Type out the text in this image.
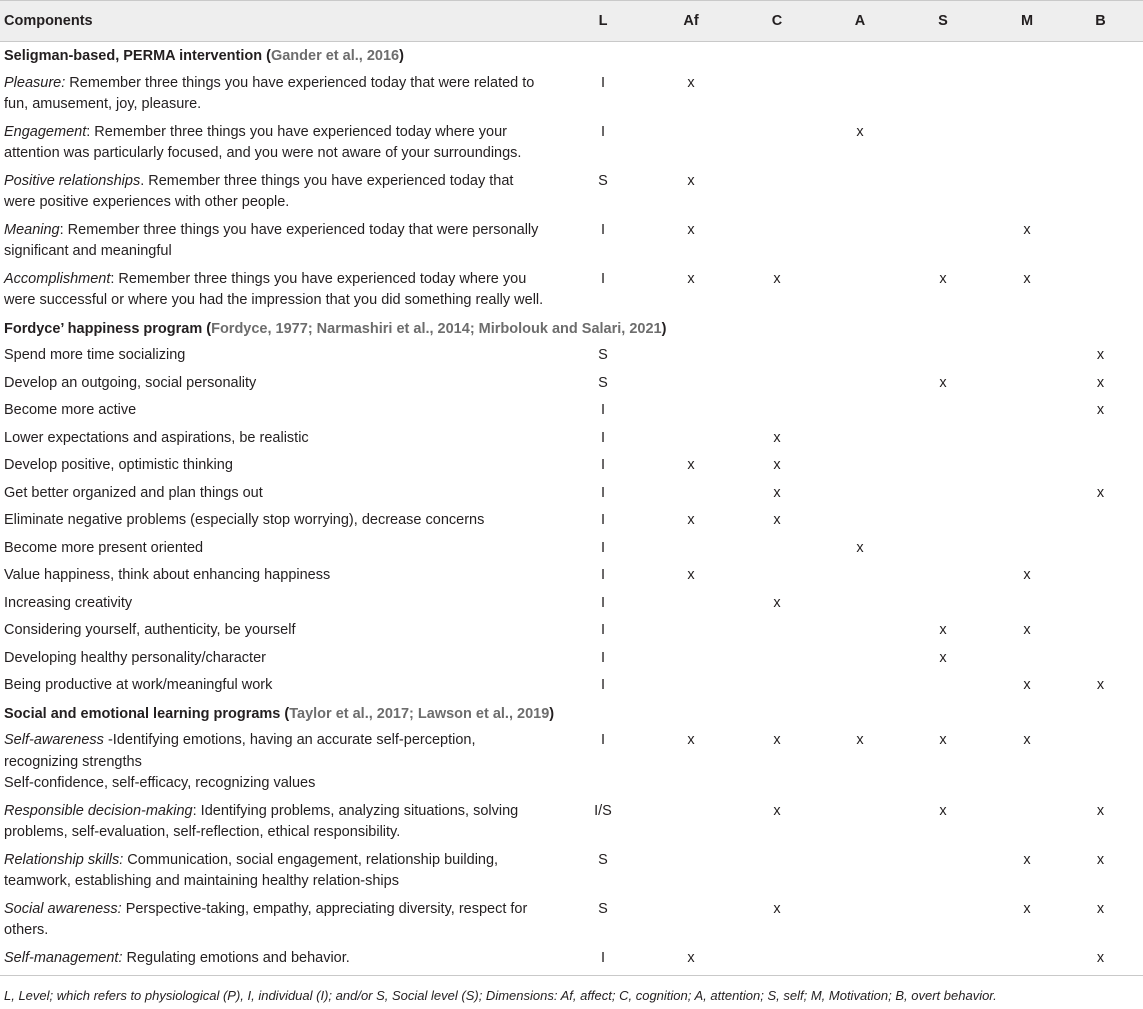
Components	L	Af	C	A	S	M	B
Seligman-based, PERMA intervention (Gander et al., 2016)							
Pleasure: Remember three things you have experienced today that were related to fun, amusement, joy, pleasure.	I	x					
Engagement: Remember three things you have experienced today where your attention was particularly focused, and you were not aware of your surroundings.	I			x			
Positive relationships. Remember three things you have experienced today that were positive experiences with other people.	S	x					
Meaning: Remember three things you have experienced today that were personally significant and meaningful	I	x				x	
Accomplishment: Remember three things you have experienced today where you were successful or where you had the impression that you did something really well.	I	x	x		x	x	
Fordyce’ happiness program (Fordyce, 1977; Narmashiri et al., 2014; Mirbolouk and Salari, 2021)							
Spend more time socializing	S						x
Develop an outgoing, social personality	S				x		x
Become more active	I						x
Lower expectations and aspirations, be realistic	I		x				
Develop positive, optimistic thinking	I	x	x				
Get better organized and plan things out	I		x				x
Eliminate negative problems (especially stop worrying), decrease concerns	I	x	x				
Become more present oriented	I			x			
Value happiness, think about enhancing happiness	I	x				x	
Increasing creativity	I		x				
Considering yourself, authenticity, be yourself	I				x	x	
Developing healthy personality/character	I				x		
Being productive at work/meaningful work	I					x	x
Social and emotional learning programs (Taylor et al., 2017; Lawson et al., 2019)							
Self-awareness -Identifying emotions, having an accurate self-perception, recognizing strengths
Self-confidence, self-efficacy, recognizing values	I	x	x	x	x	x	
Responsible decision-making: Identifying problems, analyzing situations, solving problems, self-evaluation, self-reflection, ethical responsibility.	I/S		x		x		x
Relationship skills: Communication, social engagement, relationship building, teamwork, establishing and maintaining healthy relation-ships	S					x	x
Social awareness: Perspective-taking, empathy, appreciating diversity, respect for others.	S		x			x	x
Self-management: Regulating emotions and behavior.	I	x					x
L, Level; which refers to physiological (P), I, individual (I); and/or S, Social level (S); Dimensions: Af, affect; C, cognition; A, attention; S, self; M, Motivation; B, overt behavior.
